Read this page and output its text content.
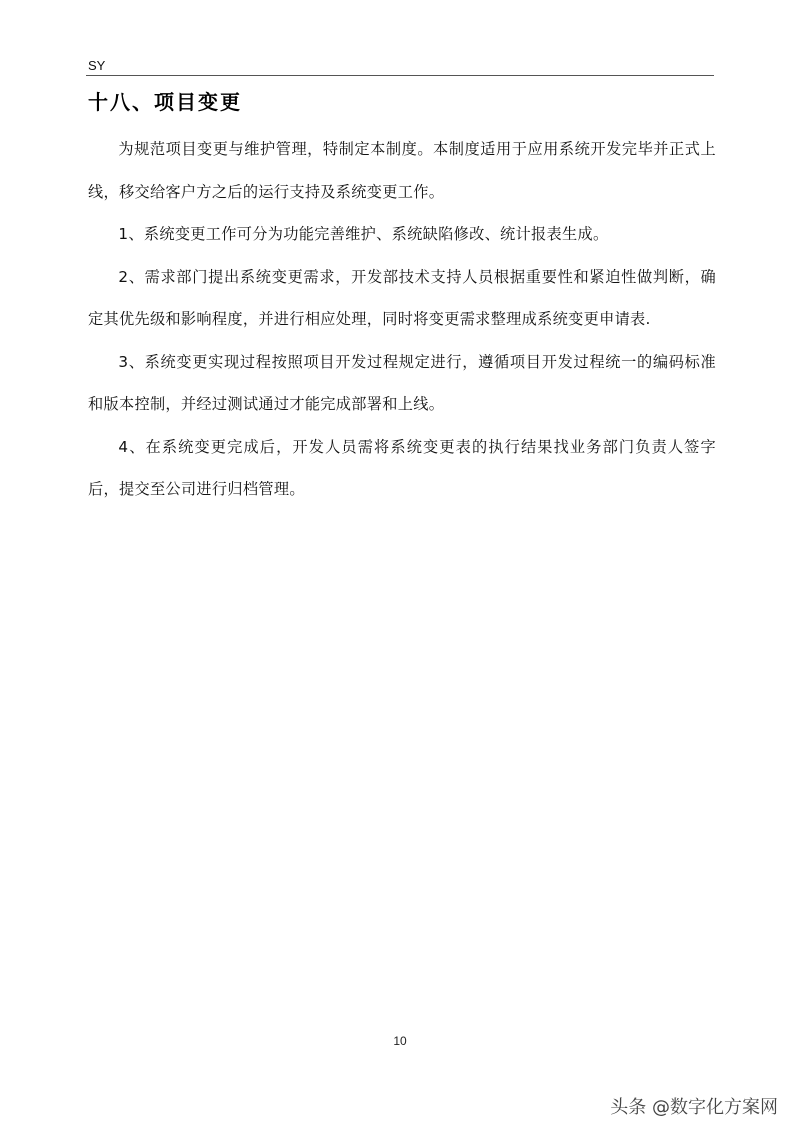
SY
十八、项目变更

为规范项目变更与维护管理，特制定本制度。本制度适用于应用系统开发完毕并正式上线，移交给客户方之后的运行支持及系统变更工作。

1、系统变更工作可分为功能完善维护、系统缺陷修改、统计报表生成。

2、需求部门提出系统变更需求，开发部技术支持人员根据重要性和紧迫性做判断，确定其优先级和影响程度，并进行相应处理，同时将变更需求整理成系统变更申请表.

3、系统变更实现过程按照项目开发过程规定进行，遵循项目开发过程统一的编码标准和版本控制，并经过测试通过才能完成部署和上线。

4、在系统变更完成后，开发人员需将系统变更表的执行结果找业务部门负责人签字后，提交至公司进行归档管理。

10
头条 @数字化方案网
